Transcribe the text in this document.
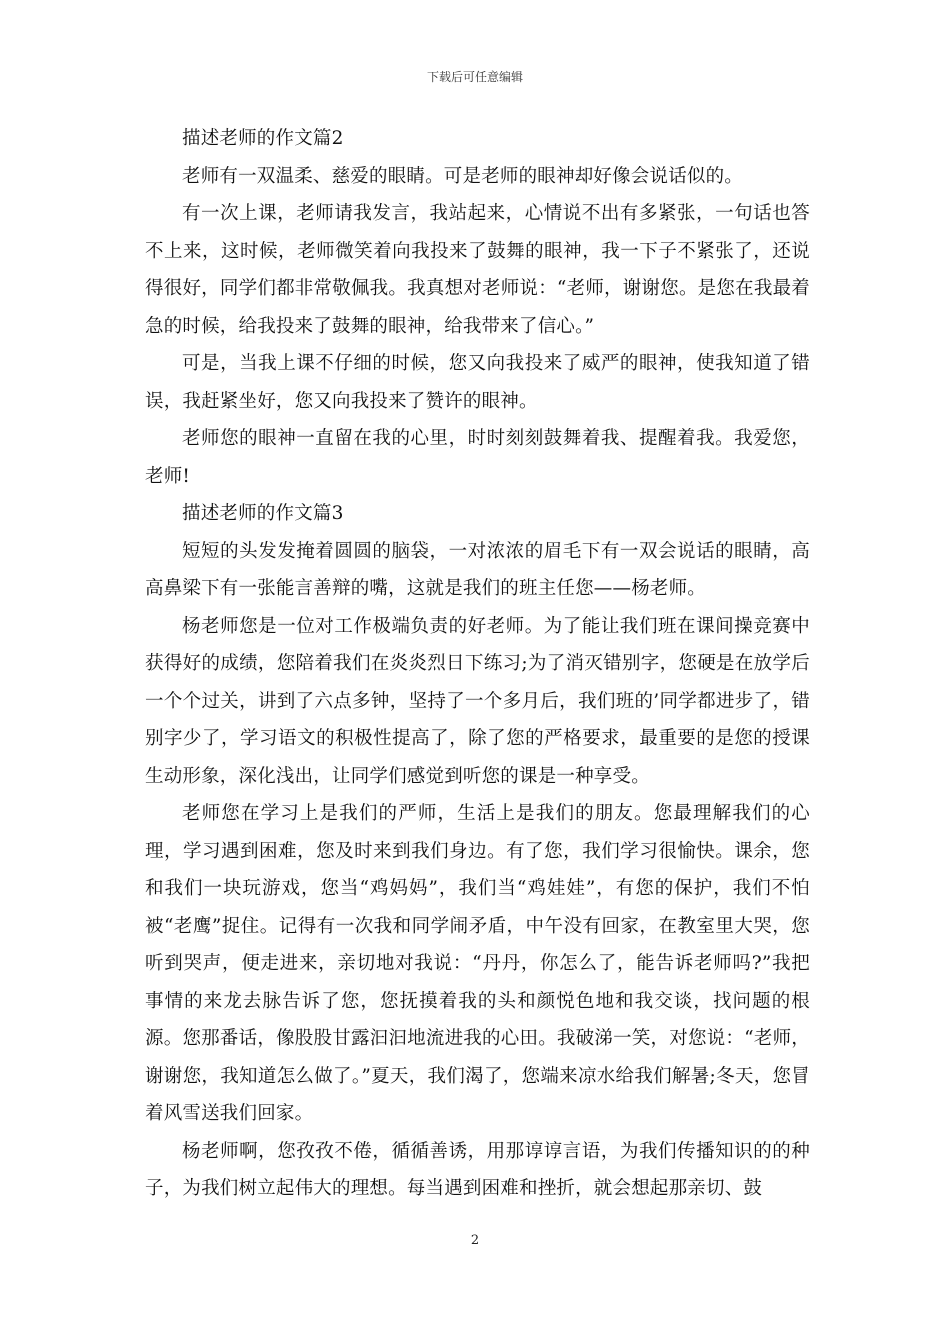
下载后可任意编辑

描述老师的作文篇2

老师有一双温柔、慈爱的眼睛。可是老师的眼神却好像会说话似的。

有一次上课，老师请我发言，我站起来，心情说不出有多紧张，一句话也答不上来，这时候，老师微笑着向我投来了鼓舞的眼神，我一下子不紧张了，还说得很好，同学们都非常敬佩我。我真想对老师说：“老师，谢谢您。是您在我最着急的时候，给我投来了鼓舞的眼神，给我带来了信心。”

可是，当我上课不仔细的时候，您又向我投来了威严的眼神，使我知道了错误，我赶紧坐好，您又向我投来了赞许的眼神。

老师您的眼神一直留在我的心里，时时刻刻鼓舞着我、提醒着我。我爱您，老师!

描述老师的作文篇3

短短的头发发掩着圆圆的脑袋，一对浓浓的眉毛下有一双会说话的眼睛，高高鼻梁下有一张能言善辩的嘴，这就是我们的班主任您——杨老师。

杨老师您是一位对工作极端负责的好老师。为了能让我们班在课间操竞赛中获得好的成绩，您陪着我们在炎炎烈日下练习;为了消灭错别字，您硬是在放学后一个个过关，讲到了六点多钟，坚持了一个多月后，我们班的’同学都进步了，错别字少了，学习语文的积极性提高了，除了您的严格要求，最重要的是您的授课生动形象，深化浅出，让同学们感觉到听您的课是一种享受。

老师您在学习上是我们的严师，生活上是我们的朋友。您最理解我们的心理，学习遇到困难，您及时来到我们身边。有了您，我们学习很愉快。课余，您和我们一块玩游戏，您当“鸡妈妈”，我们当“鸡娃娃”，有您的保护，我们不怕被“老鹰”捉住。记得有一次我和同学闹矛盾，中午没有回家，在教室里大哭，您听到哭声，便走进来，亲切地对我说：“丹丹，你怎么了，能告诉老师吗?”我把事情的来龙去脉告诉了您，您抚摸着我的头和颜悦色地和我交谈，找问题的根源。您那番话，像股股甘露汩汩地流进我的心田。我破涕一笑，对您说：“老师，谢谢您，我知道怎么做了。”夏天，我们渴了，您端来凉水给我们解暑;冬天，您冒着风雪送我们回家。

杨老师啊，您孜孜不倦，循循善诱，用那谆谆言语，为我们传播知识的的种子，为我们树立起伟大的理想。每当遇到困难和挫折，就会想起那亲切、鼓

2
